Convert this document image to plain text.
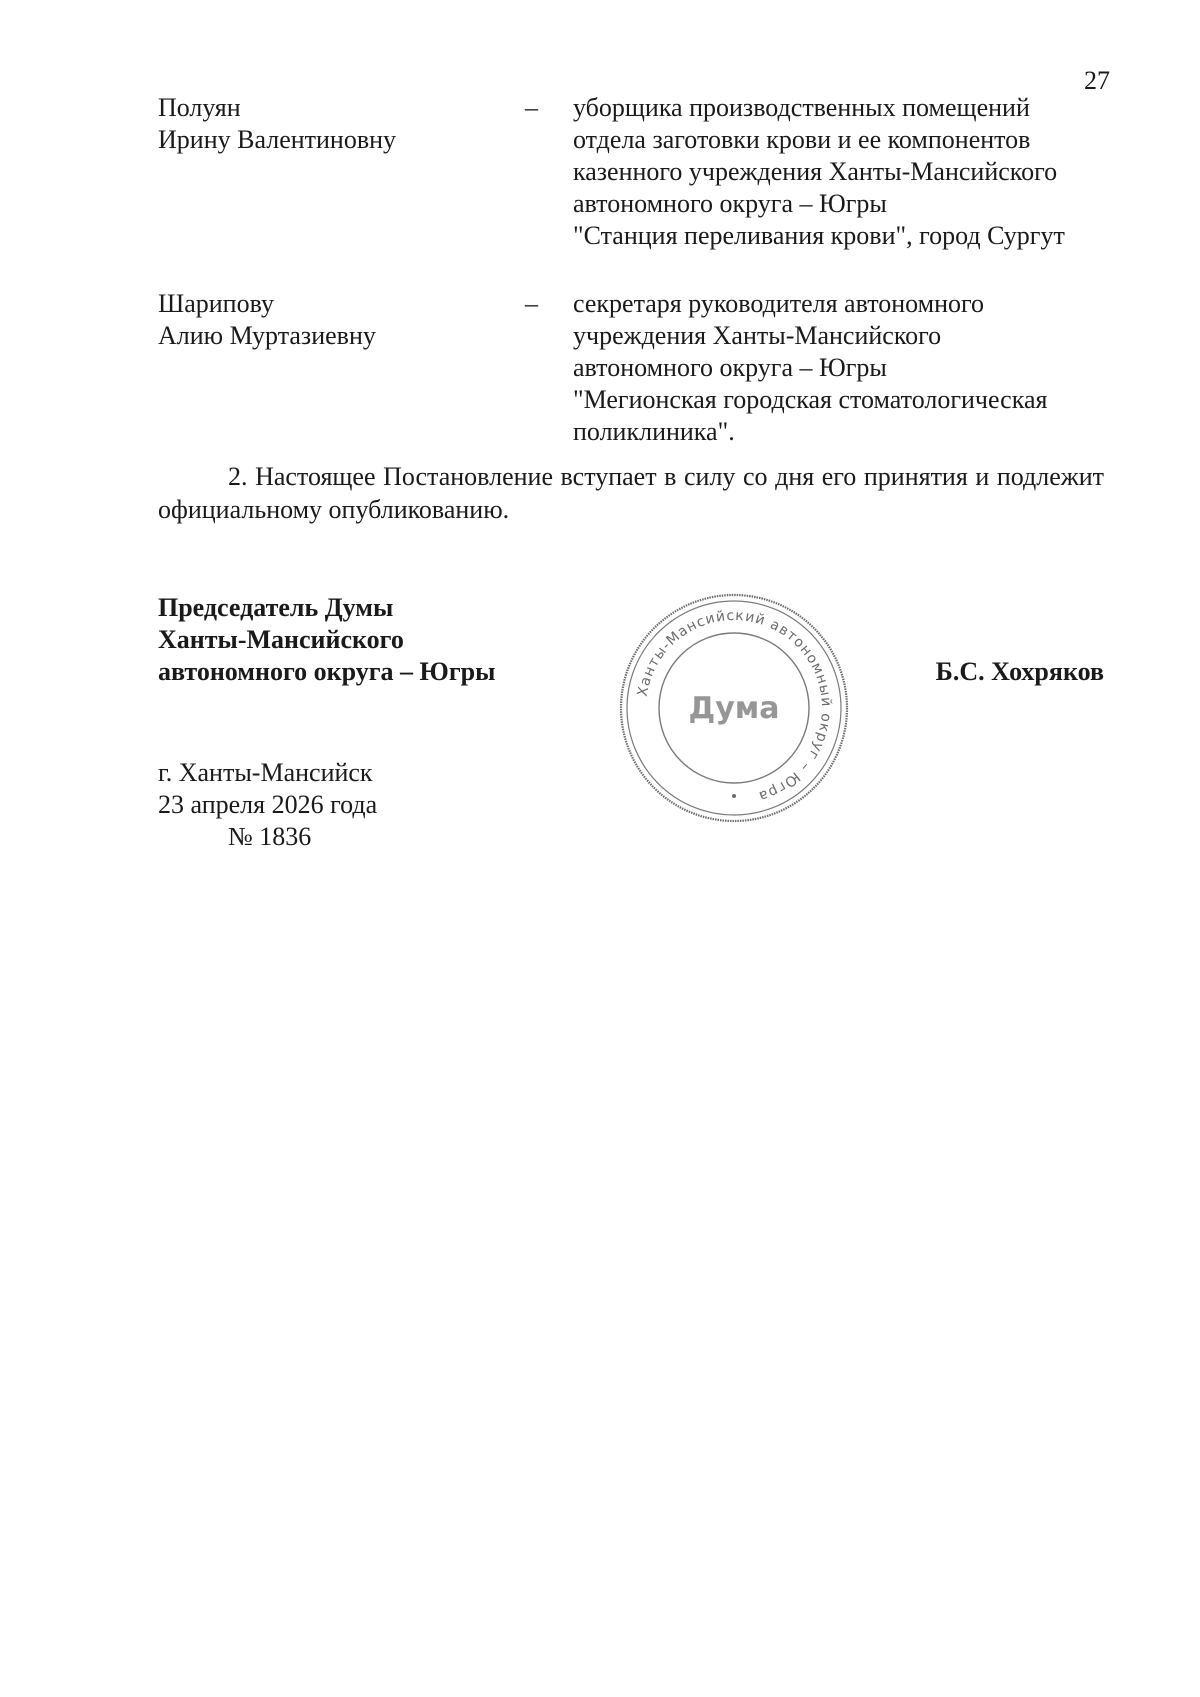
27
Полуян
Ирину Валентиновну
– уборщика производственных помещений
отдела заготовки крови и ее компонентов
казенного учреждения Ханты-Мансийского
автономного округа – Югры
"Станция переливания крови", город Сургут
Шарипову
Алию Муртазиевну
– секретаря руководителя автономного
учреждения Ханты-Мансийского
автономного округа – Югры
"Мегионская городская стоматологическая
поликлиника".
2. Настоящее Постановление вступает в силу со дня его принятия и подлежит официальному опубликованию.
Председатель Думы
Ханты-Мансийского
автономного округа – Югры
Ханты-Мансийский автономный округ – Югра
Дума
Б.С. Хохряков
г. Ханты-Мансийск
23 апреля 2026 года
№ 1836
